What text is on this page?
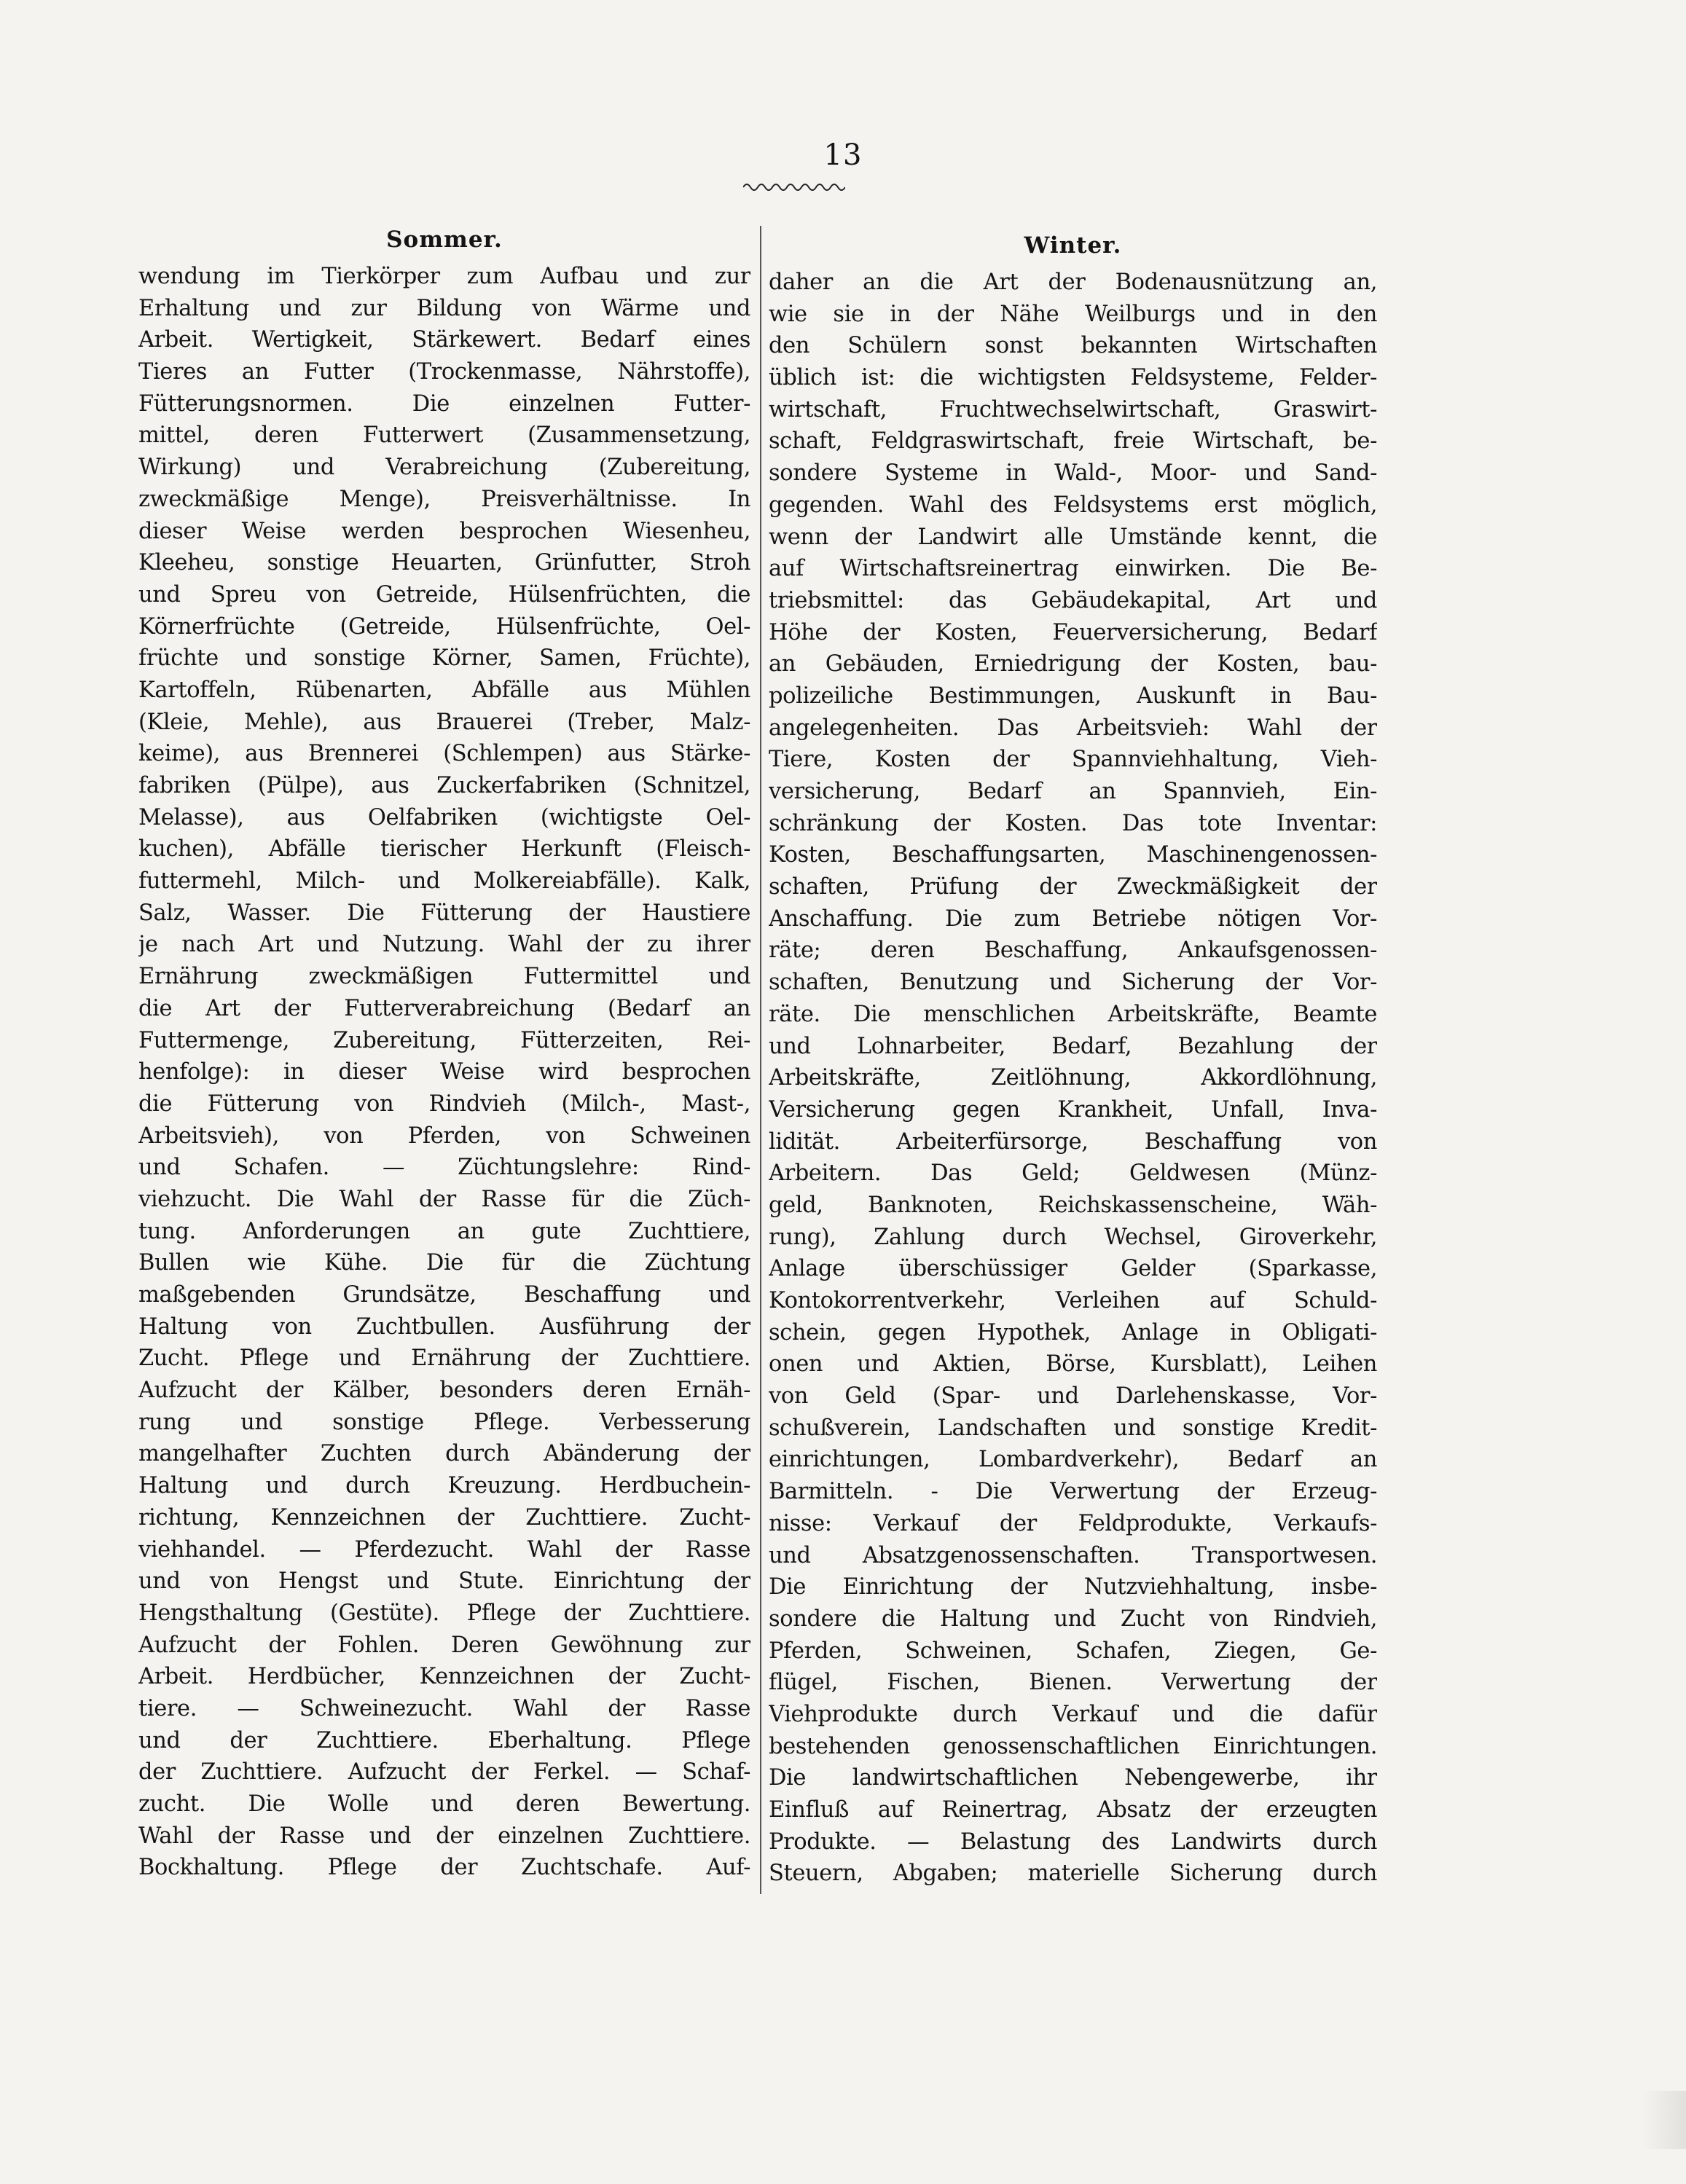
13
Sommer.
wendung im Tierkörper zum Aufbau und zur
Erhaltung und zur Bildung von Wärme und
Arbeit. Wertigkeit, Stärkewert. Bedarf eines
Tieres an Futter (Trockenmasse, Nährstoffe),
Fütterungsnormen. Die einzelnen Futter-
mittel, deren Futterwert (Zusammensetzung,
Wirkung) und Verabreichung (Zubereitung,
zweckmäßige Menge), Preisverhältnisse. In
dieser Weise werden besprochen Wiesenheu,
Kleeheu, sonstige Heuarten, Grünfutter, Stroh
und Spreu von Getreide, Hülsenfrüchten, die
Körnerfrüchte (Getreide, Hülsenfrüchte, Oel-
früchte und sonstige Körner, Samen, Früchte),
Kartoffeln, Rübenarten, Abfälle aus Mühlen
(Kleie, Mehle), aus Brauerei (Treber, Malz-
keime), aus Brennerei (Schlempen) aus Stärke-
fabriken (Pülpe), aus Zuckerfabriken (Schnitzel,
Melasse), aus Oelfabriken (wichtigste Oel-
kuchen), Abfälle tierischer Herkunft (Fleisch-
futtermehl, Milch- und Molkereiabfälle). Kalk,
Salz, Wasser. Die Fütterung der Haustiere
je nach Art und Nutzung. Wahl der zu ihrer
Ernährung zweckmäßigen Futtermittel und
die Art der Futterverabreichung (Bedarf an
Futtermenge, Zubereitung, Fütterzeiten, Rei-
henfolge): in dieser Weise wird besprochen
die Fütterung von Rindvieh (Milch-, Mast-,
Arbeitsvieh), von Pferden, von Schweinen
und Schafen. — Züchtungslehre: Rind-
viehzucht. Die Wahl der Rasse für die Züch-
tung. Anforderungen an gute Zuchttiere,
Bullen wie Kühe. Die für die Züchtung
maßgebenden Grundsätze, Beschaffung und
Haltung von Zuchtbullen. Ausführung der
Zucht. Pflege und Ernährung der Zuchttiere.
Aufzucht der Kälber, besonders deren Ernäh-
rung und sonstige Pflege. Verbesserung
mangelhafter Zuchten durch Abänderung der
Haltung und durch Kreuzung. Herdbuchein-
richtung, Kennzeichnen der Zuchttiere. Zucht-
viehhandel. — Pferdezucht. Wahl der Rasse
und von Hengst und Stute. Einrichtung der
Hengsthaltung (Gestüte). Pflege der Zuchttiere.
Aufzucht der Fohlen. Deren Gewöhnung zur
Arbeit. Herdbücher, Kennzeichnen der Zucht-
tiere. — Schweinezucht. Wahl der Rasse
und der Zuchttiere. Eberhaltung. Pflege
der Zuchttiere. Aufzucht der Ferkel. — Schaf-
zucht. Die Wolle und deren Bewertung.
Wahl der Rasse und der einzelnen Zuchttiere.
Bockhaltung. Pflege der Zuchtschafe. Auf-
Winter.
daher an die Art der Bodenausnützung an,
wie sie in der Nähe Weilburgs und in den
den Schülern sonst bekannten Wirtschaften
üblich ist: die wichtigsten Feldsysteme, Felder-
wirtschaft, Fruchtwechselwirtschaft, Graswirt-
schaft, Feldgraswirtschaft, freie Wirtschaft, be-
sondere Systeme in Wald-, Moor- und Sand-
gegenden. Wahl des Feldsystems erst möglich,
wenn der Landwirt alle Umstände kennt, die
auf Wirtschaftsreinertrag einwirken. Die Be-
triebsmittel: das Gebäudekapital, Art und
Höhe der Kosten, Feuerversicherung, Bedarf
an Gebäuden, Erniedrigung der Kosten, bau-
polizeiliche Bestimmungen, Auskunft in Bau-
angelegenheiten. Das Arbeitsvieh: Wahl der
Tiere, Kosten der Spannviehhaltung, Vieh-
versicherung, Bedarf an Spannvieh, Ein-
schränkung der Kosten. Das tote Inventar:
Kosten, Beschaffungsarten, Maschinengenossen-
schaften, Prüfung der Zweckmäßigkeit der
Anschaffung. Die zum Betriebe nötigen Vor-
räte; deren Beschaffung, Ankaufsgenossen-
schaften, Benutzung und Sicherung der Vor-
räte. Die menschlichen Arbeitskräfte, Beamte
und Lohnarbeiter, Bedarf, Bezahlung der
Arbeitskräfte, Zeitlöhnung, Akkordlöhnung,
Versicherung gegen Krankheit, Unfall, Inva-
lidität. Arbeiterfürsorge, Beschaffung von
Arbeitern. Das Geld; Geldwesen (Münz-
geld, Banknoten, Reichskassenscheine, Wäh-
rung), Zahlung durch Wechsel, Giroverkehr,
Anlage überschüssiger Gelder (Sparkasse,
Kontokorrentverkehr, Verleihen auf Schuld-
schein, gegen Hypothek, Anlage in Obligati-
onen und Aktien, Börse, Kursblatt), Leihen
von Geld (Spar- und Darlehenskasse, Vor-
schußverein, Landschaften und sonstige Kredit-
einrichtungen, Lombardverkehr), Bedarf an
Barmitteln. - Die Verwertung der Erzeug-
nisse: Verkauf der Feldprodukte, Verkaufs-
und Absatzgenossenschaften. Transportwesen.
Die Einrichtung der Nutzviehhaltung, insbe-
sondere die Haltung und Zucht von Rindvieh,
Pferden, Schweinen, Schafen, Ziegen, Ge-
flügel, Fischen, Bienen. Verwertung der
Viehprodukte durch Verkauf und die dafür
bestehenden genossenschaftlichen Einrichtungen.
Die landwirtschaftlichen Nebengewerbe, ihr
Einfluß auf Reinertrag, Absatz der erzeugten
Produkte. — Belastung des Landwirts durch
Steuern, Abgaben; materielle Sicherung durch
